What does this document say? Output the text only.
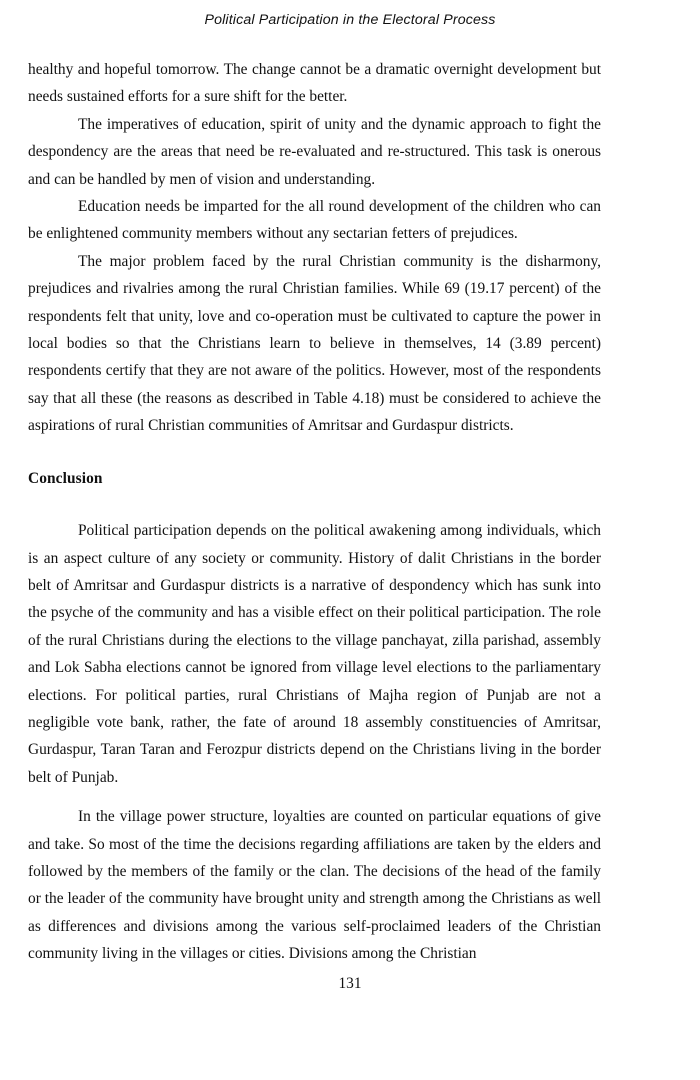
Political Participation in the Electoral Process

healthy and hopeful tomorrow. The change cannot be a dramatic overnight development but needs sustained efforts for a sure shift for the better.

The imperatives of education, spirit of unity and the dynamic approach to fight the despondency are the areas that need be re-evaluated and re-structured. This task is onerous and can be handled by men of vision and understanding.

Education needs be imparted for the all round development of the children who can be enlightened community members without any sectarian fetters of prejudices.

The major problem faced by the rural Christian community is the disharmony, prejudices and rivalries among the rural Christian families. While 69 (19.17 percent) of the respondents felt that unity, love and co-operation must be cultivated to capture the power in local bodies so that the Christians learn to believe in themselves, 14 (3.89 percent) respondents certify that they are not aware of the politics. However, most of the respondents say that all these (the reasons as described in Table 4.18) must be considered to achieve the aspirations of rural Christian communities of Amritsar and Gurdaspur districts.

Conclusion

Political participation depends on the political awakening among individuals, which is an aspect culture of any society or community. History of dalit Christians in the border belt of Amritsar and Gurdaspur districts is a narrative of despondency which has sunk into the psyche of the community and has a visible effect on their political participation. The role of the rural Christians during the elections to the village panchayat, zilla parishad, assembly and Lok Sabha elections cannot be ignored from village level elections to the parliamentary elections. For political parties, rural Christians of Majha region of Punjab are not a negligible vote bank, rather, the fate of around 18 assembly constituencies of Amritsar, Gurdaspur, Taran Taran and Ferozpur districts depend on the Christians living in the border belt of Punjab.

In the village power structure, loyalties are counted on particular equations of give and take. So most of the time the decisions regarding affiliations are taken by the elders and followed by the members of the family or the clan. The decisions of the head of the family or the leader of the community have brought unity and strength among the Christians as well as differences and divisions among the various self-proclaimed leaders of the Christian community living in the villages or cities. Divisions among the Christian

131
